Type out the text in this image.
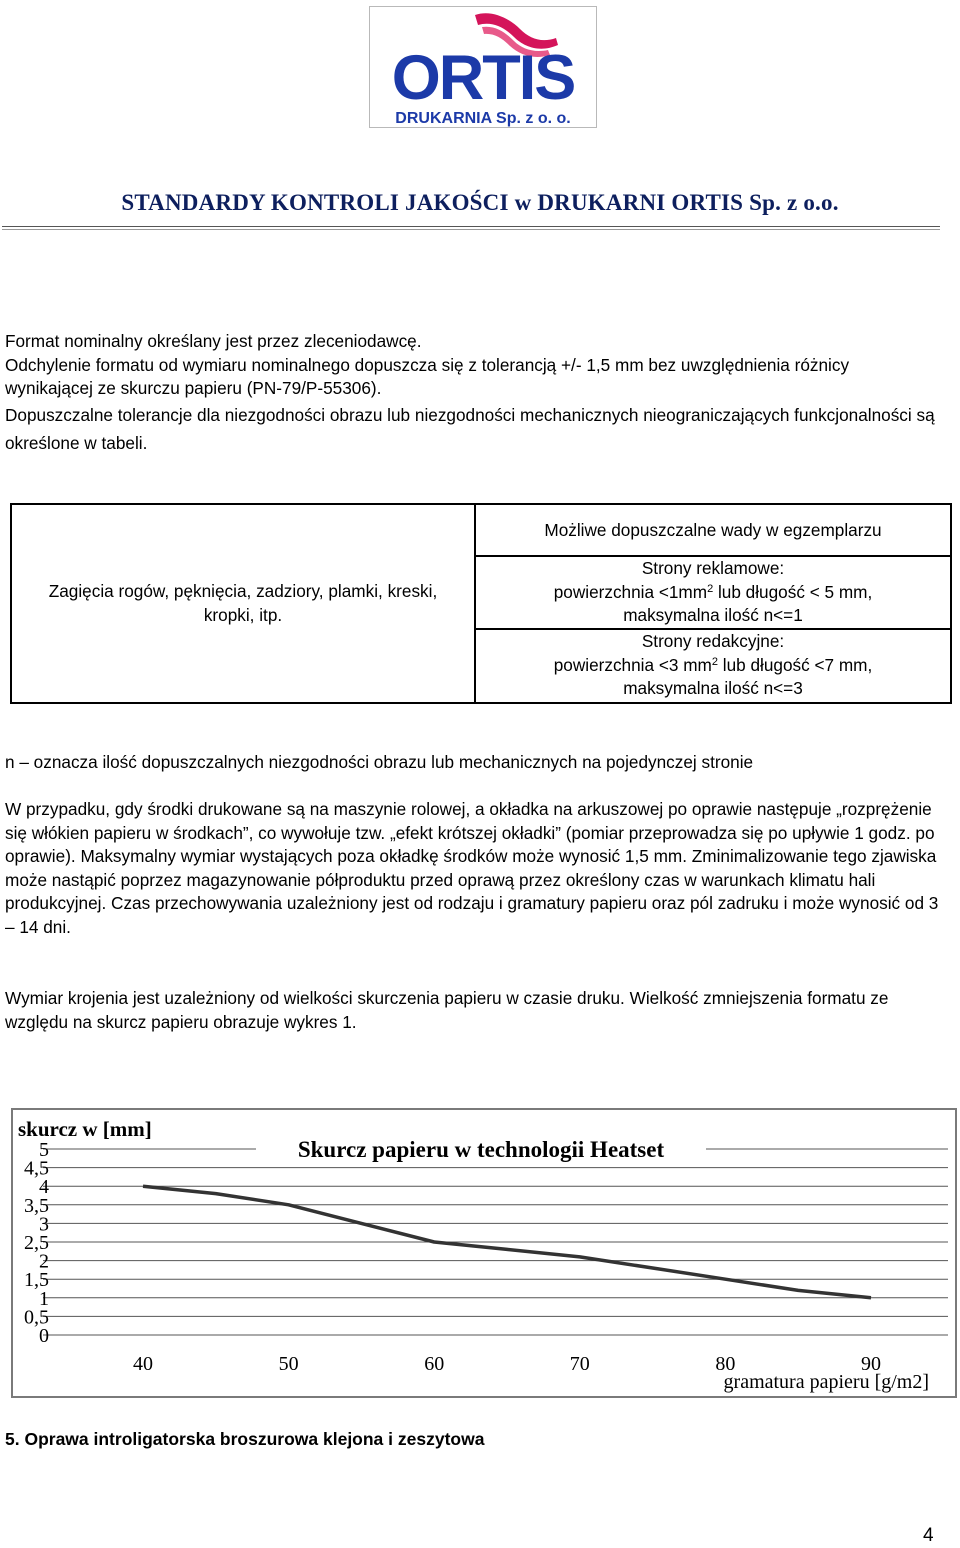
ORTIS
DRUKARNIA Sp. z o. o.
STANDARDY KONTROLI JAKOŚCI w DRUKARNI ORTIS Sp. z o.o.

Format nominalny określany jest przez zleceniodawcę.

Odchylenie formatu od wymiaru nominalnego dopuszcza się z tolerancją +/- 1,5 mm bez uwzględnienia różnicy wynikającej ze skurczu papieru (PN-79/P-55306).

Dopuszczalne tolerancje dla niezgodności obrazu lub niezgodności mechanicznych nieograniczających funkcjonalności są określone w tabeli.

Zagięcia rogów, pęknięcia, zadziory, plamki, kreski, kropki, itp.
	Możliwe dopuszczalne wady w egzemplarzu

Strony reklamowe:
powierzchnia $<1mm^2$ lub długość < 5 mm,
maksymalna ilość n<=1

Strony redakcyjne:
powierzchnia <3 $mm^2$ lub długość <7 mm,
maksymalna ilość n<=3
n – oznacza ilość dopuszczalnych niezgodności obrazu lub mechanicznych na pojedynczej stronie
W przypadku, gdy środki drukowane są na maszynie rolowej, a okładka na arkuszowej po oprawie następuje „rozprężenie się włókien papieru w środkach”, co wywołuje tzw. „efekt krótszej okładki” (pomiar przeprowadza się po upływie 1 godz. po oprawie). Maksymalny wymiar wystających poza okładkę środków może wynosić 1,5 mm. Zminimalizowanie tego zjawiska może nastąpić poprzez magazynowanie półproduktu przed oprawą przez określony czas w warunkach klimatu hali produkcyjnej. Czas przechowywania uzależniony jest od rodzaju i gramatury papieru oraz pól zadruku i może wynosić od 3 – 14 dni.
Wymiar krojenia jest uzależniony od wielkości skurczenia papieru w czasie druku. Wielkość zmniejszenia formatu ze względu na skurcz papieru obrazuje wykres 1.
5
4,5
4
3,5
3
2,5
2
1,5
1
0,5
0
40	50	60	70	80	90
skurcz w [mm]
Skurcz papieru w technologii Heatset
gramatura papieru [g/m2]
5. Oprawa introligatorska broszurowa klejona i zeszytowa
4
